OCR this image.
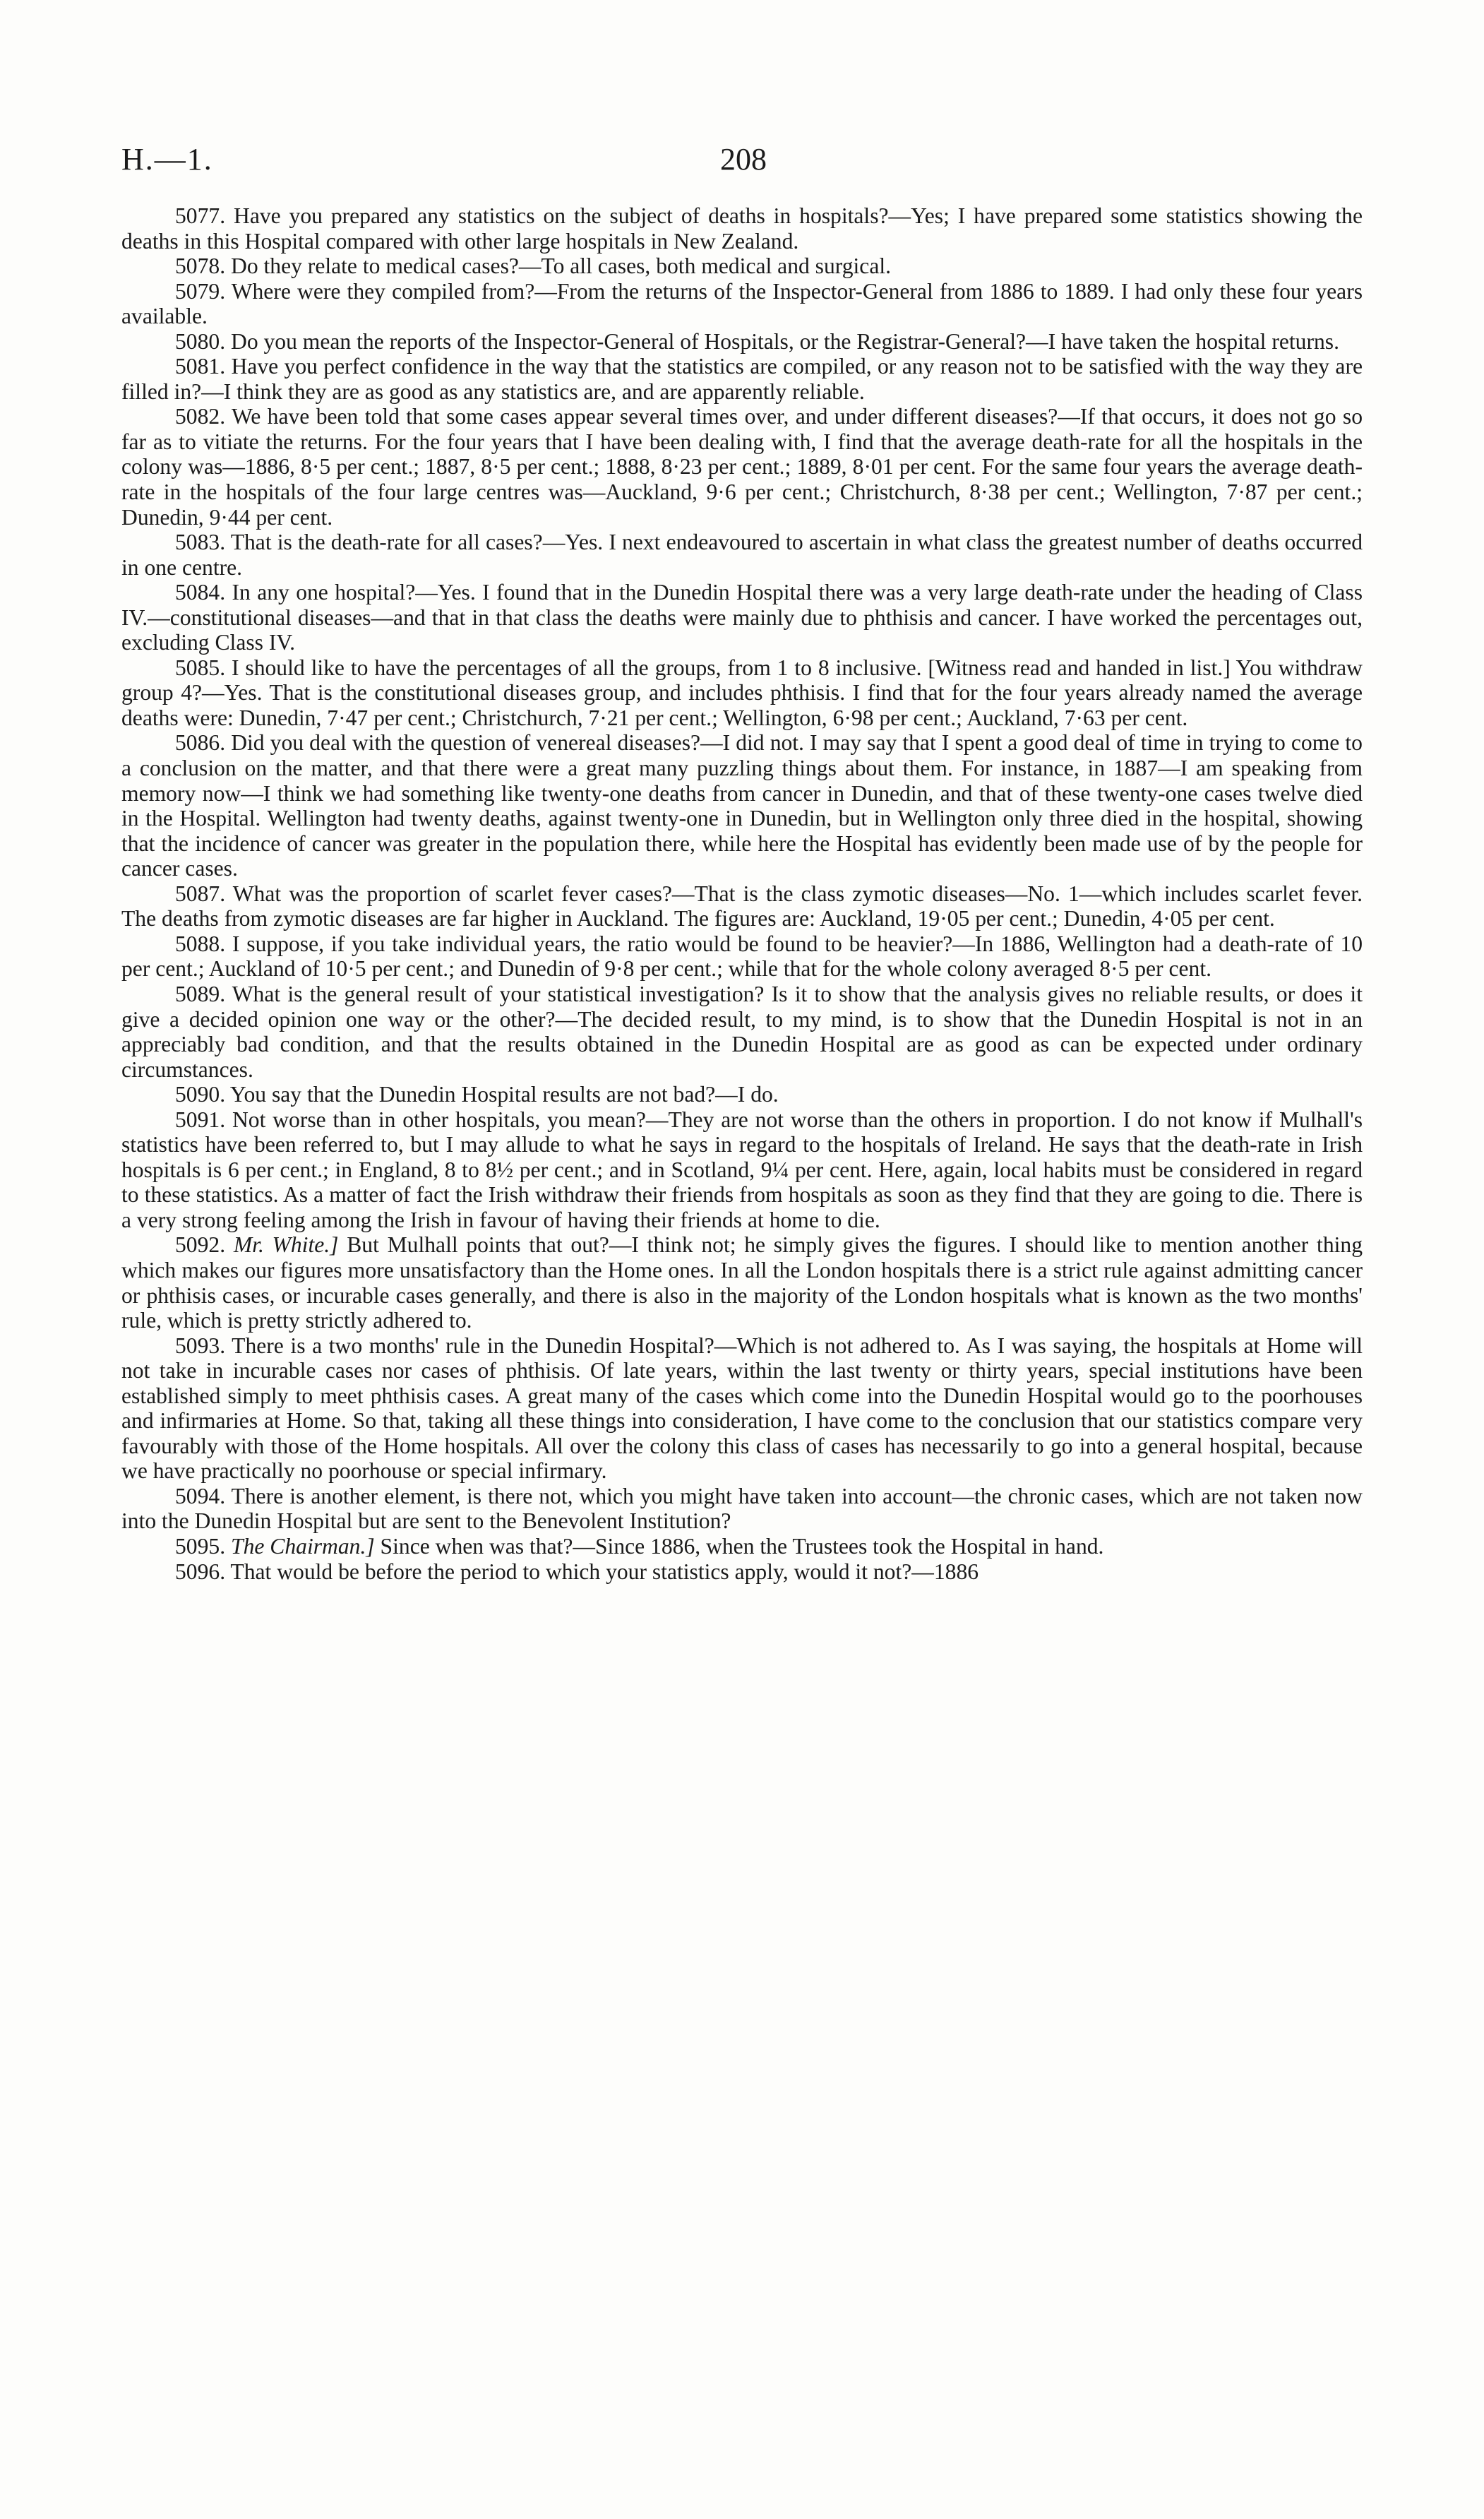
H.—1.	208

5077. Have you prepared any statistics on the subject of deaths in hospitals?—Yes; I have prepared some statistics showing the deaths in this Hospital compared with other large hospitals in New Zealand.

5078. Do they relate to medical cases?—To all cases, both medical and surgical.

5079. Where were they compiled from?—From the returns of the Inspector-General from 1886 to 1889. I had only these four years available.

5080. Do you mean the reports of the Inspector-General of Hospitals, or the Registrar-General?—I have taken the hospital returns.

5081. Have you perfect confidence in the way that the statistics are compiled, or any reason not to be satisfied with the way they are filled in?—I think they are as good as any statistics are, and are apparently reliable.

5082. We have been told that some cases appear several times over, and under different diseases?—If that occurs, it does not go so far as to vitiate the returns. For the four years that I have been dealing with, I find that the average death-rate for all the hospitals in the colony was—1886, 8·5 per cent.; 1887, 8·5 per cent.; 1888, 8·23 per cent.; 1889, 8·01 per cent. For the same four years the average death-rate in the hospitals of the four large centres was—Auckland, 9·6 per cent.; Christchurch, 8·38 per cent.; Wellington, 7·87 per cent.; Dunedin, 9·44 per cent.

5083. That is the death-rate for all cases?—Yes. I next endeavoured to ascertain in what class the greatest number of deaths occurred in one centre.

5084. In any one hospital?—Yes. I found that in the Dunedin Hospital there was a very large death-rate under the heading of Class IV.—constitutional diseases—and that in that class the deaths were mainly due to phthisis and cancer. I have worked the percentages out, excluding Class IV.

5085. I should like to have the percentages of all the groups, from 1 to 8 inclusive. [Witness read and handed in list.] You withdraw group 4?—Yes. That is the constitutional diseases group, and includes phthisis. I find that for the four years already named the average deaths were: Dunedin, 7·47 per cent.; Christchurch, 7·21 per cent.; Wellington, 6·98 per cent.; Auckland, 7·63 per cent.

5086. Did you deal with the question of venereal diseases?—I did not. I may say that I spent a good deal of time in trying to come to a conclusion on the matter, and that there were a great many puzzling things about them. For instance, in 1887—I am speaking from memory now—I think we had something like twenty-one deaths from cancer in Dunedin, and that of these twenty-one cases twelve died in the Hospital. Wellington had twenty deaths, against twenty-one in Dunedin, but in Wellington only three died in the hospital, showing that the incidence of cancer was greater in the population there, while here the Hospital has evidently been made use of by the people for cancer cases.

5087. What was the proportion of scarlet fever cases?—That is the class zymotic diseases—No. 1—which includes scarlet fever. The deaths from zymotic diseases are far higher in Auckland. The figures are: Auckland, 19·05 per cent.; Dunedin, 4·05 per cent.

5088. I suppose, if you take individual years, the ratio would be found to be heavier?—In 1886, Wellington had a death-rate of 10 per cent.; Auckland of 10·5 per cent.; and Dunedin of 9·8 per cent.; while that for the whole colony averaged 8·5 per cent.

5089. What is the general result of your statistical investigation? Is it to show that the analysis gives no reliable results, or does it give a decided opinion one way or the other?—The decided result, to my mind, is to show that the Dunedin Hospital is not in an appreciably bad condition, and that the results obtained in the Dunedin Hospital are as good as can be expected under ordinary circumstances.

5090. You say that the Dunedin Hospital results are not bad?—I do.

5091. Not worse than in other hospitals, you mean?—They are not worse than the others in proportion. I do not know if Mulhall's statistics have been referred to, but I may allude to what he says in regard to the hospitals of Ireland. He says that the death-rate in Irish hospitals is 6 per cent.; in England, 8 to 8½ per cent.; and in Scotland, 9¼ per cent. Here, again, local habits must be considered in regard to these statistics. As a matter of fact the Irish withdraw their friends from hospitals as soon as they find that they are going to die. There is a very strong feeling among the Irish in favour of having their friends at home to die.

5092. Mr. White.] But Mulhall points that out?—I think not; he simply gives the figures. I should like to mention another thing which makes our figures more unsatisfactory than the Home ones. In all the London hospitals there is a strict rule against admitting cancer or phthisis cases, or incurable cases generally, and there is also in the majority of the London hospitals what is known as the two months' rule, which is pretty strictly adhered to.

5093. There is a two months' rule in the Dunedin Hospital?—Which is not adhered to. As I was saying, the hospitals at Home will not take in incurable cases nor cases of phthisis. Of late years, within the last twenty or thirty years, special institutions have been established simply to meet phthisis cases. A great many of the cases which come into the Dunedin Hospital would go to the poorhouses and infirmaries at Home. So that, taking all these things into consideration, I have come to the conclusion that our statistics compare very favourably with those of the Home hospitals. All over the colony this class of cases has necessarily to go into a general hospital, because we have practically no poorhouse or special infirmary.

5094. There is another element, is there not, which you might have taken into account—the chronic cases, which are not taken now into the Dunedin Hospital but are sent to the Benevolent Institution?

5095. The Chairman.] Since when was that?—Since 1886, when the Trustees took the Hospital in hand.

5096. That would be before the period to which your statistics apply, would it not?—1886
